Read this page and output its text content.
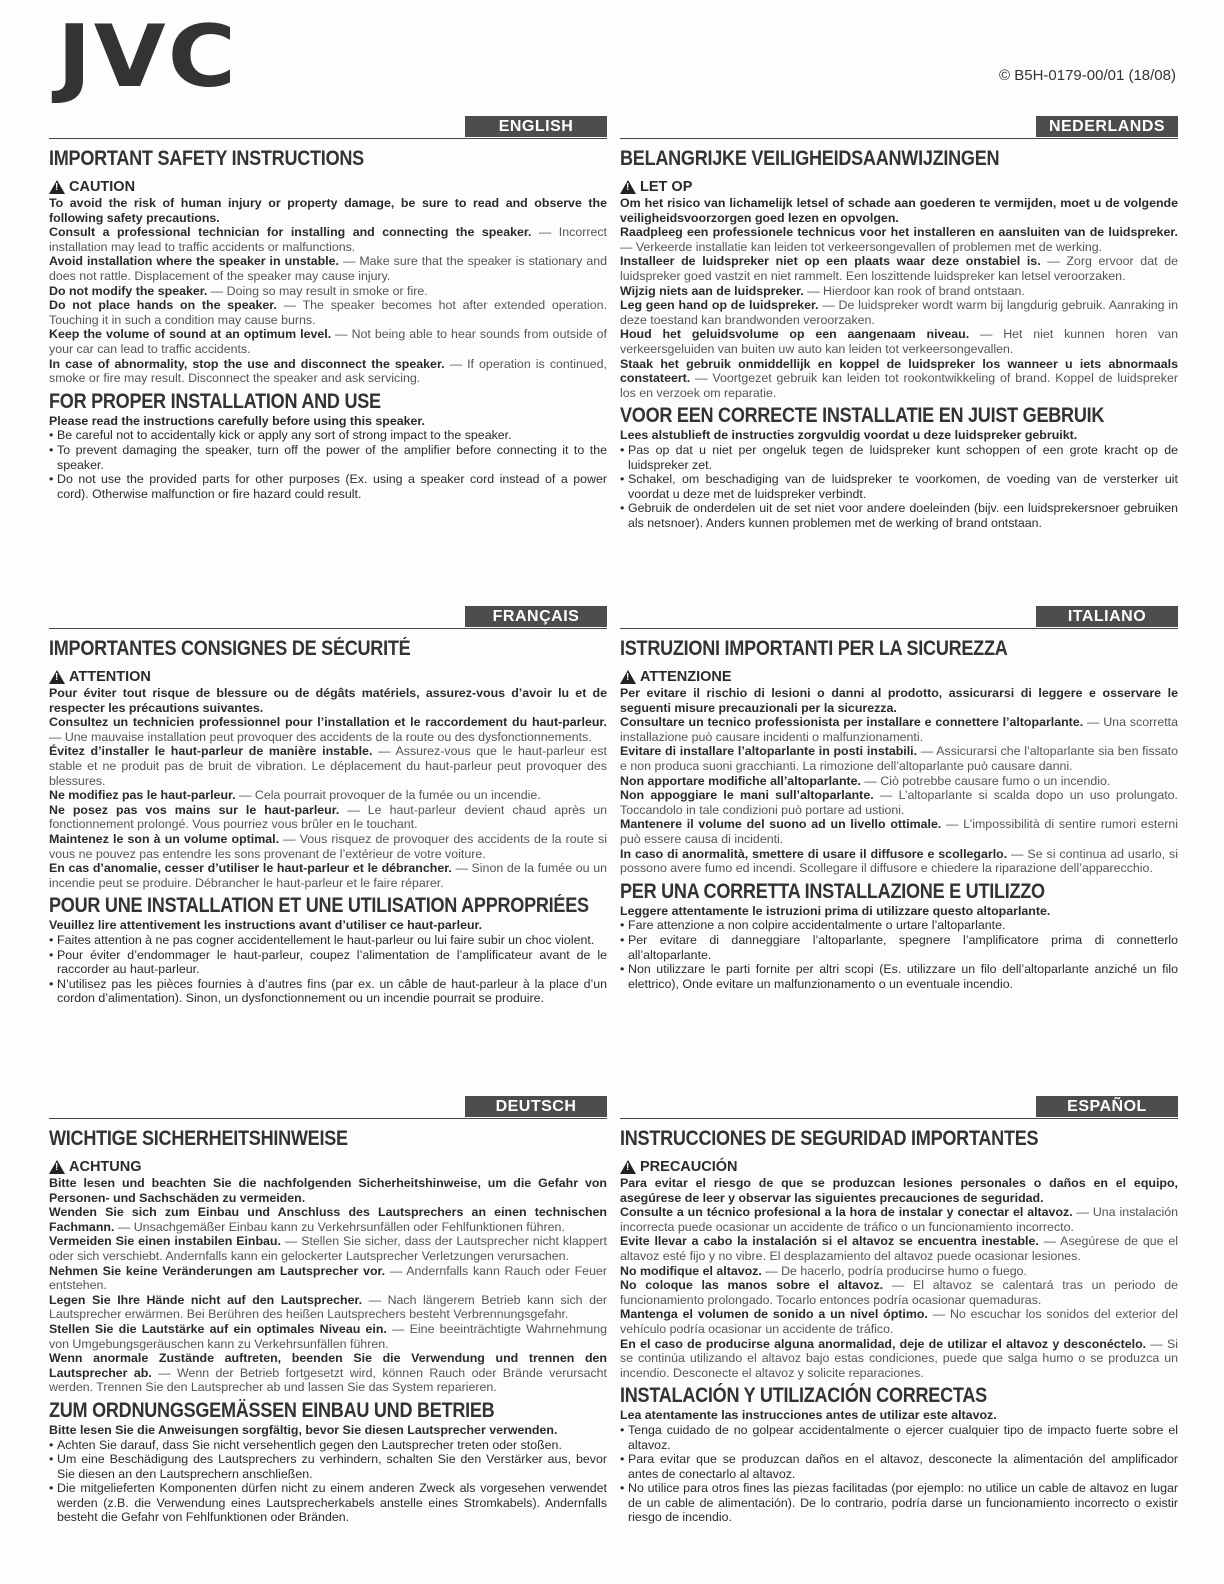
JVC	© B5H-0179-00/01 (18/08)
ENGLISH
IMPORTANT SAFETY INSTRUCTIONS
!
CAUTION

To avoid the risk of human injury or property damage, be sure to read and observe the following safety precautions.

Consult a professional technician for installing and connecting the speaker. — Incorrect installation may lead to traffic accidents or malfunctions.

Avoid installation where the speaker in unstable. — Make sure that the speaker is stationary and does not rattle. Displacement of the speaker may cause injury.

Do not modify the speaker. — Doing so may result in smoke or fire.

Do not place hands on the speaker. — The speaker becomes hot after extended operation. Touching it in such a condition may cause burns.

Keep the volume of sound at an optimum level. — Not being able to hear sounds from outside of your car can lead to traffic accidents.

In case of abnormality, stop the use and disconnect the speaker. — If operation is continued, smoke or fire may result. Disconnect the speaker and ask servicing.

FOR PROPER INSTALLATION AND USE

Please read the instructions carefully before using this speaker.

• Be careful not to accidentally kick or apply any sort of strong impact to the speaker.
• To prevent damaging the speaker, turn off the power of the amplifier before connecting it to the speaker.
• Do not use the provided parts for other purposes (Ex. using a speaker cord instead of a power cord). Otherwise malfunction or fire hazard could result.
NEDERLANDS
BELANGRIJKE VEILIGHEIDSAANWIJZINGEN
!
LET OP

Om het risico van lichamelijk letsel of schade aan goederen te vermijden, moet u de volgende veiligheidsvoorzorgen goed lezen en opvolgen.

Raadpleeg een professionele technicus voor het installeren en aansluiten van de luidspreker. — Verkeerde installatie kan leiden tot verkeersongevallen of problemen met de werking.

Installeer de luidspreker niet op een plaats waar deze onstabiel is. — Zorg ervoor dat de luidspreker goed vastzit en niet rammelt. Een loszittende luidspreker kan letsel veroorzaken.

Wijzig niets aan de luidspreker. — Hierdoor kan rook of brand ontstaan.

Leg geen hand op de luidspreker. — De luidspreker wordt warm bij langdurig gebruik. Aanraking in deze toestand kan brandwonden veroorzaken.

Houd het geluidsvolume op een aangenaam niveau. — Het niet kunnen horen van verkeersgeluiden van buiten uw auto kan leiden tot verkeersongevallen.

Staak het gebruik onmiddellijk en koppel de luidspreker los wanneer u iets abnormaals constateert. — Voortgezet gebruik kan leiden tot rookontwikkeling of brand. Koppel de luidspreker los en verzoek om reparatie.

VOOR EEN CORRECTE INSTALLATIE EN JUIST GEBRUIK

Lees alstublieft de instructies zorgvuldig voordat u deze luidspreker gebruikt.

• Pas op dat u niet per ongeluk tegen de luidspreker kunt schoppen of een grote kracht op de luidspreker zet.
• Schakel, om beschadiging van de luidspreker te voorkomen, de voeding van de versterker uit voordat u deze met de luidspreker verbindt.
• Gebruik de onderdelen uit de set niet voor andere doeleinden (bijv. een luidsprekersnoer gebruiken als netsnoer). Anders kunnen problemen met de werking of brand ontstaan.
FRANÇAIS
IMPORTANTES CONSIGNES DE SÉCURITÉ
!
ATTENTION

Pour éviter tout risque de blessure ou de dégâts matériels, assurez-vous d’avoir lu et de respecter les précautions suivantes.

Consultez un technicien professionnel pour l’installation et le raccordement du haut-parleur. — Une mauvaise installation peut provoquer des accidents de la route ou des dysfonctionnements.

Évitez d’installer le haut-parleur de manière instable. — Assurez-vous que le haut-parleur est stable et ne produit pas de bruit de vibration. Le déplacement du haut-parleur peut provoquer des blessures.

Ne modifiez pas le haut-parleur. — Cela pourrait provoquer de la fumée ou un incendie.

Ne posez pas vos mains sur le haut-parleur. — Le haut-parleur devient chaud après un fonctionnement prolongé. Vous pourriez vous brûler en le touchant.

Maintenez le son à un volume optimal. — Vous risquez de provoquer des accidents de la route si vous ne pouvez pas entendre les sons provenant de l’extérieur de votre voiture.

En cas d’anomalie, cesser d’utiliser le haut-parleur et le débrancher. — Sinon de la fumée ou un incendie peut se produire. Débrancher le haut-parleur et le faire réparer.

POUR UNE INSTALLATION ET UNE UTILISATION APPROPRIÉES

Veuillez lire attentivement les instructions avant d’utiliser ce haut-parleur.

• Faites attention à ne pas cogner accidentellement le haut-parleur ou lui faire subir un choc violent.
• Pour éviter d’endommager le haut-parleur, coupez l’alimentation de l’amplificateur avant de le raccorder au haut-parleur.
• N’utilisez pas les pièces fournies à d’autres fins (par ex. un câble de haut-parleur à la place d’un cordon d’alimentation). Sinon, un dysfonctionnement ou un incendie pourrait se produire.
ITALIANO
ISTRUZIONI IMPORTANTI PER LA SICUREZZA
!
ATTENZIONE

Per evitare il rischio di lesioni o danni al prodotto, assicurarsi di leggere e osservare le seguenti misure precauzionali per la sicurezza.

Consultare un tecnico professionista per installare e connettere l’altoparlante. — Una scorretta installazione può causare incidenti o malfunzionamenti.

Evitare di installare l’altoparlante in posti instabili. — Assicurarsi che l’altoparlante sia ben fissato e non produca suoni gracchianti. La rimozione dell’altoparlante può causare danni.

Non apportare modifiche all’altoparlante. — Ciò potrebbe causare fumo o un incendio.

Non appoggiare le mani sull’altoparlante. — L’altoparlante si scalda dopo un uso prolungato. Toccandolo in tale condizioni può portare ad ustioni.

Mantenere il volume del suono ad un livello ottimale. — L’impossibilità di sentire rumori esterni può essere causa di incidenti.

In caso di anormalità, smettere di usare il diffusore e scollegarlo. — Se si continua ad usarlo, si possono avere fumo ed incendi. Scollegare il diffusore e chiedere la riparazione dell’apparecchio.

PER UNA CORRETTA INSTALLAZIONE E UTILIZZO

Leggere attentamente le istruzioni prima di utilizzare questo altoparlante.

• Fare attenzione a non colpire accidentalmente o urtare l’altoparlante.
• Per evitare di danneggiare l’altoparlante, spegnere l’amplificatore prima di connetterlo all’altoparlante.
• Non utilizzare le parti fornite per altri scopi (Es. utilizzare un filo dell’altoparlante anziché un filo elettrico), Onde evitare un malfunzionamento o un eventuale incendio.
DEUTSCH
WICHTIGE SICHERHEITSHINWEISE
!
ACHTUNG

Bitte lesen und beachten Sie die nachfolgenden Sicherheitshinweise, um die Gefahr von Personen- und Sachschäden zu vermeiden.

Wenden Sie sich zum Einbau und Anschluss des Lautsprechers an einen technischen Fachmann. — Unsachgemäßer Einbau kann zu Verkehrsunfällen oder Fehlfunktionen führen.

Vermeiden Sie einen instabilen Einbau. — Stellen Sie sicher, dass der Lautsprecher nicht klappert oder sich verschiebt. Andernfalls kann ein gelockerter Lautsprecher Verletzungen verursachen.

Nehmen Sie keine Veränderungen am Lautsprecher vor. — Andernfalls kann Rauch oder Feuer entstehen.

Legen Sie Ihre Hände nicht auf den Lautsprecher. — Nach längerem Betrieb kann sich der Lautsprecher erwärmen. Bei Berühren des heißen Lautsprechers besteht Verbrennungsgefahr.

Stellen Sie die Lautstärke auf ein optimales Niveau ein. — Eine beeinträchtigte Wahrnehmung von Umgebungsgeräuschen kann zu Verkehrsunfällen führen.

Wenn anormale Zustände auftreten, beenden Sie die Verwendung und trennen den Lautsprecher ab. — Wenn der Betrieb fortgesetzt wird, können Rauch oder Brände verursacht werden. Trennen Sie den Lautsprecher ab und lassen Sie das System reparieren.

ZUM ORDNUNGSGEMÄSSEN EINBAU UND BETRIEB

Bitte lesen Sie die Anweisungen sorgfältig, bevor Sie diesen Lautsprecher verwenden.

• Achten Sie darauf, dass Sie nicht versehentlich gegen den Lautsprecher treten oder stoßen.
• Um eine Beschädigung des Lautsprechers zu verhindern, schalten Sie den Verstärker aus, bevor Sie diesen an den Lautsprechern anschließen.
• Die mitgelieferten Komponenten dürfen nicht zu einem anderen Zweck als vorgesehen verwendet werden (z.B. die Verwendung eines Lautsprecherkabels anstelle eines Stromkabels). Andernfalls besteht die Gefahr von Fehlfunktionen oder Bränden.
ESPAÑOL
INSTRUCCIONES DE SEGURIDAD IMPORTANTES
!
PRECAUCIÓN

Para evitar el riesgo de que se produzcan lesiones personales o daños en el equipo, asegúrese de leer y observar las siguientes precauciones de seguridad.

Consulte a un técnico profesional a la hora de instalar y conectar el altavoz. — Una instalación incorrecta puede ocasionar un accidente de tráfico o un funcionamiento incorrecto.

Evite llevar a cabo la instalación si el altavoz se encuentra inestable. — Asegúrese de que el altavoz esté fijo y no vibre. El desplazamiento del altavoz puede ocasionar lesiones.

No modifique el altavoz. — De hacerlo, podría producirse humo o fuego.

No coloque las manos sobre el altavoz. — El altavoz se calentará tras un periodo de funcionamiento prolongado. Tocarlo entonces podría ocasionar quemaduras.

Mantenga el volumen de sonido a un nivel óptimo. — No escuchar los sonidos del exterior del vehículo podría ocasionar un accidente de tráfico.

En el caso de producirse alguna anormalidad, deje de utilizar el altavoz y desconéctelo. — Si se continúa utilizando el altavoz bajo estas condiciones, puede que salga humo o se produzca un incendio. Desconecte el altavoz y solicite reparaciones.

INSTALACIÓN Y UTILIZACIÓN CORRECTAS

Lea atentamente las instrucciones antes de utilizar este altavoz.

• Tenga cuidado de no golpear accidentalmente o ejercer cualquier tipo de impacto fuerte sobre el altavoz.
• Para evitar que se produzcan daños en el altavoz, desconecte la alimentación del amplificador antes de conectarlo al altavoz.
• No utilice para otros fines las piezas facilitadas (por ejemplo: no utilice un cable de altavoz en lugar de un cable de alimentación). De lo contrario, podría darse un funcionamiento incorrecto o existir riesgo de incendio.
